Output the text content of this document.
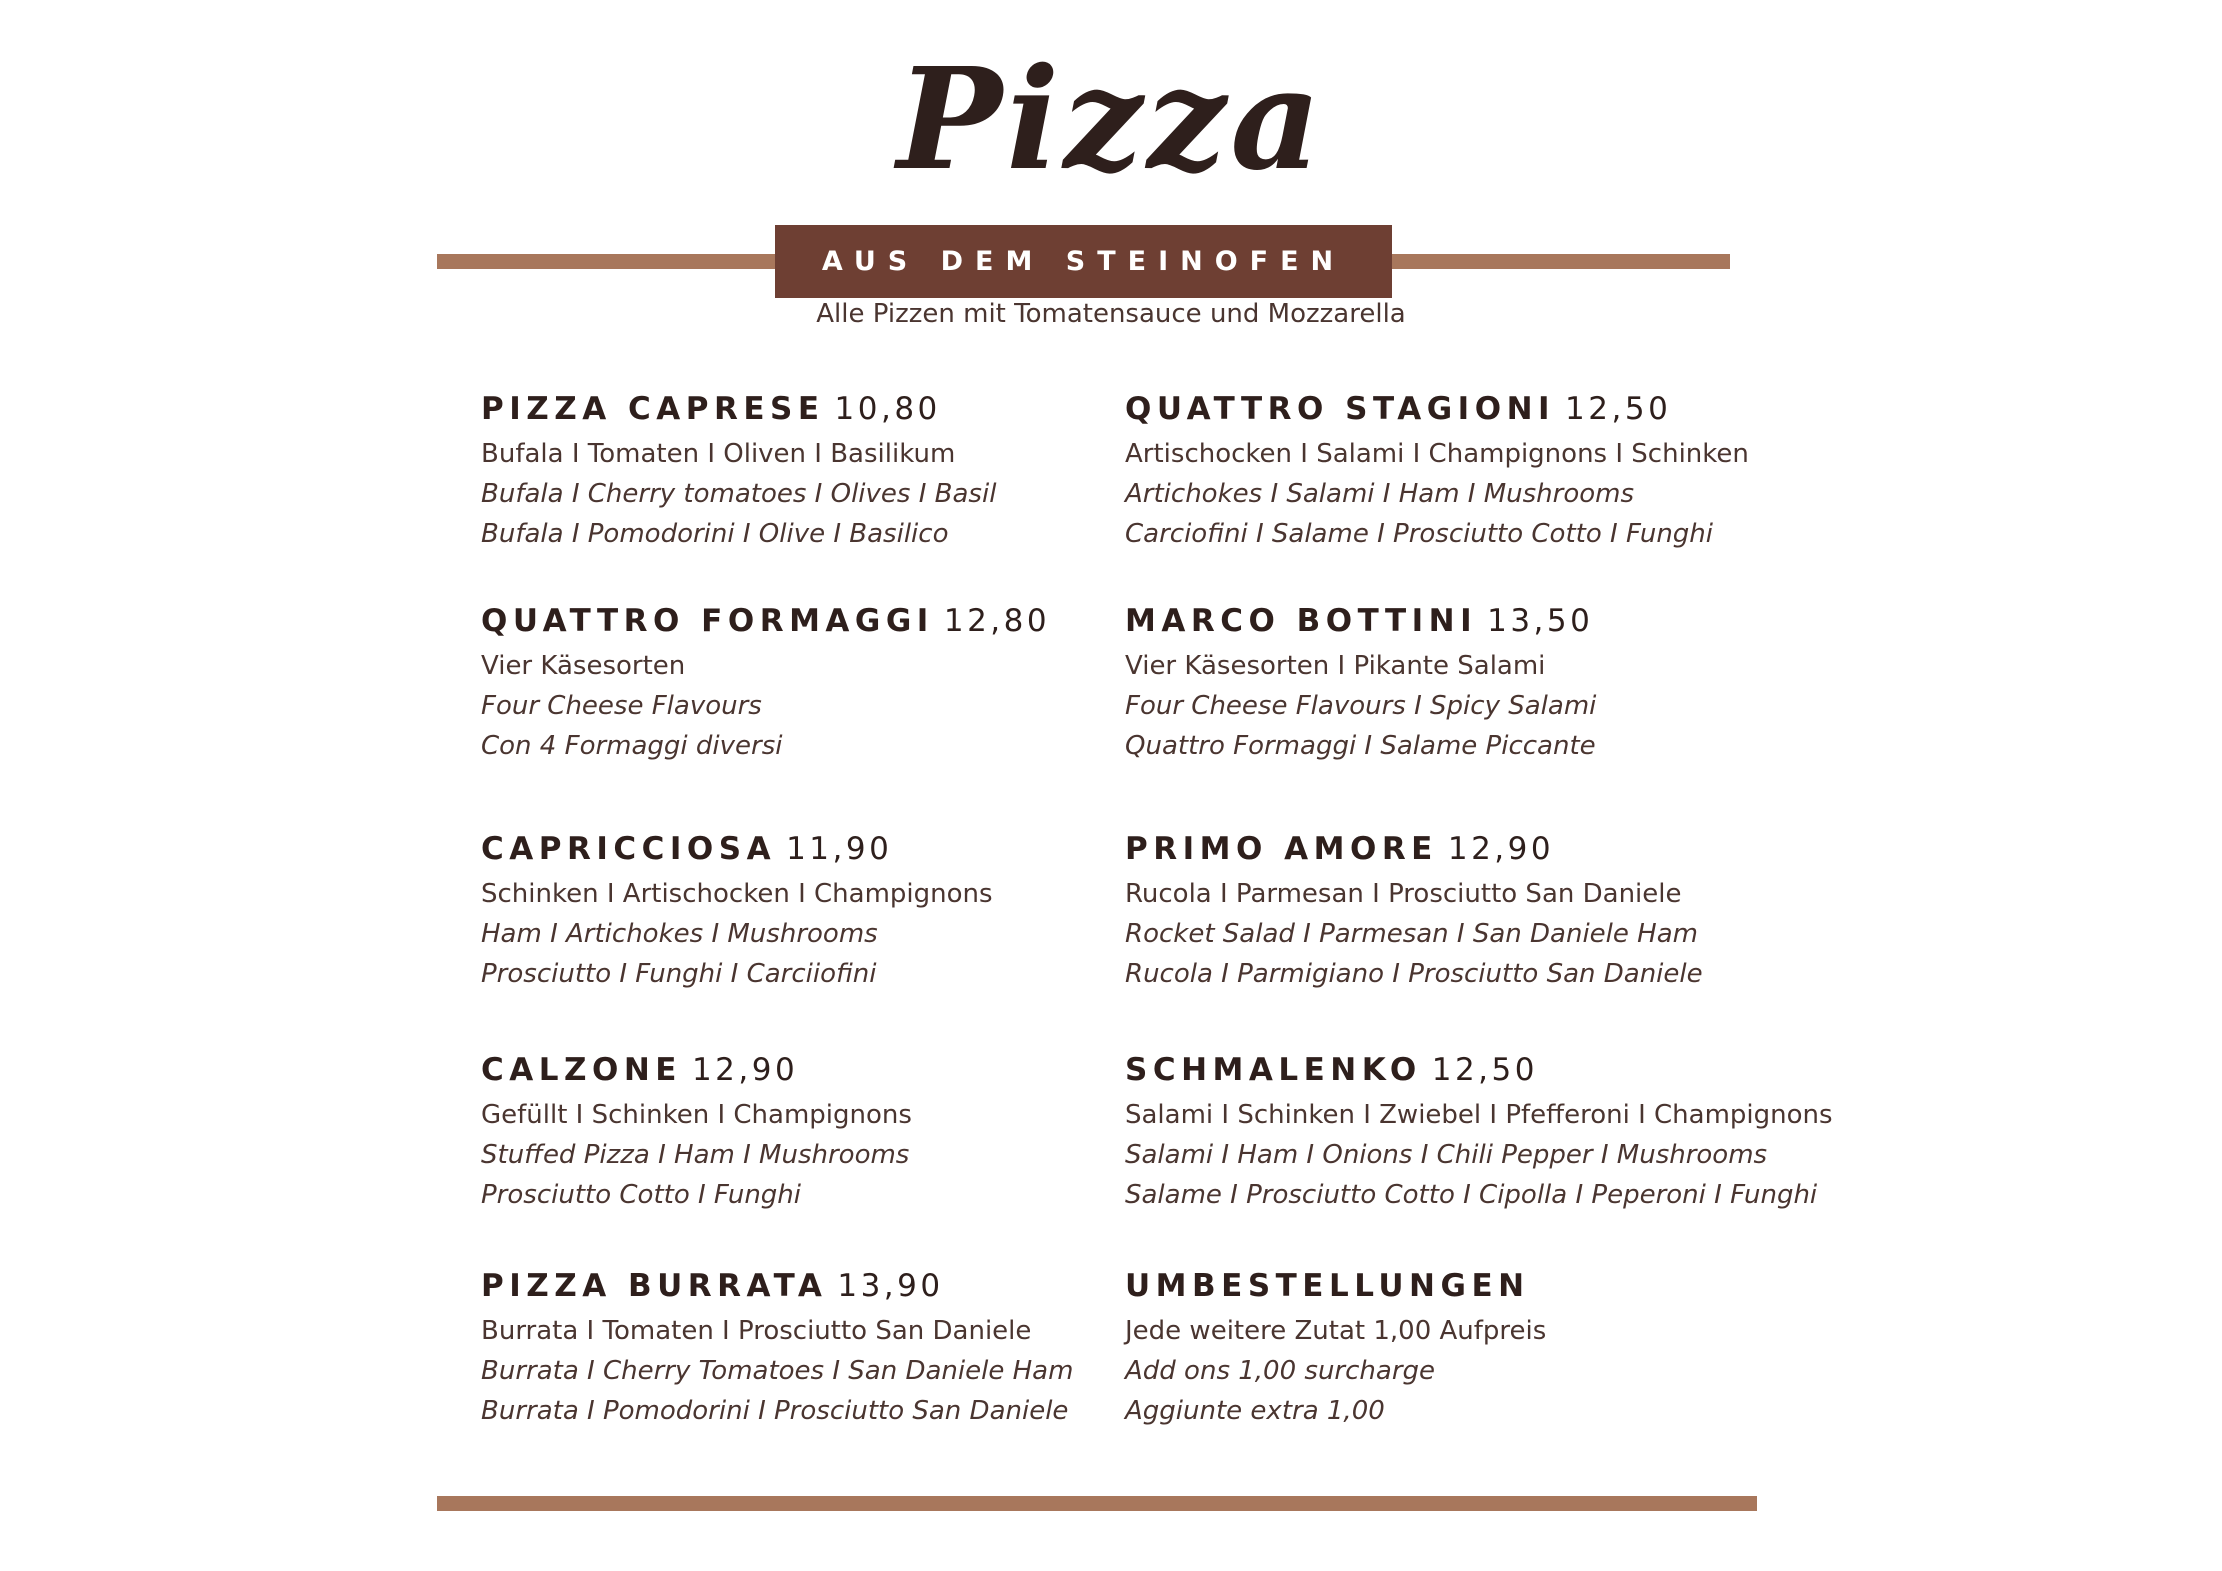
Pizza
AUS DEM STEINOFEN
Alle Pizzen mit Tomatensauce und Mozzarella
PIZZA CAPRESE 10,80
Bufala I Tomaten I Oliven I Basilikum
Bufala I Cherry tomatoes I Olives I Basil
Bufala I Pomodorini I Olive I Basilico
QUATTRO STAGIONI 12,50
Artischocken I Salami I Champignons I Schinken
Artichokes I Salami I Ham I Mushrooms
Carciofini I Salame I Prosciutto Cotto I Funghi
QUATTRO FORMAGGI 12,80
Vier Käsesorten
Four Cheese Flavours
Con 4 Formaggi diversi
MARCO BOTTINI 13,50
Vier Käsesorten I Pikante Salami
Four Cheese Flavours I Spicy Salami
Quattro Formaggi I Salame Piccante
CAPRICCIOSA 11,90
Schinken I Artischocken I Champignons
Ham I Artichokes I Mushrooms
Prosciutto I Funghi I Carciiofini
PRIMO AMORE 12,90
Rucola I Parmesan I Prosciutto San Daniele
Rocket Salad I Parmesan I San Daniele Ham
Rucola I Parmigiano I Prosciutto San Daniele
CALZONE 12,90
Gefüllt I Schinken I Champignons
Stuffed Pizza I Ham I Mushrooms
Prosciutto Cotto I Funghi
SCHMALENKO 12,50
Salami I Schinken I Zwiebel I Pfefferoni I Champignons
Salami I Ham I Onions I Chili Pepper I Mushrooms
Salame I Prosciutto Cotto I Cipolla I Peperoni I Funghi
PIZZA BURRATA 13,90
Burrata I Tomaten I Prosciutto San Daniele
Burrata I Cherry Tomatoes I San Daniele Ham
Burrata I Pomodorini I Prosciutto San Daniele
UMBESTELLUNGEN
Jede weitere Zutat 1,00 Aufpreis
Add ons 1,00 surcharge
Aggiunte extra 1,00
